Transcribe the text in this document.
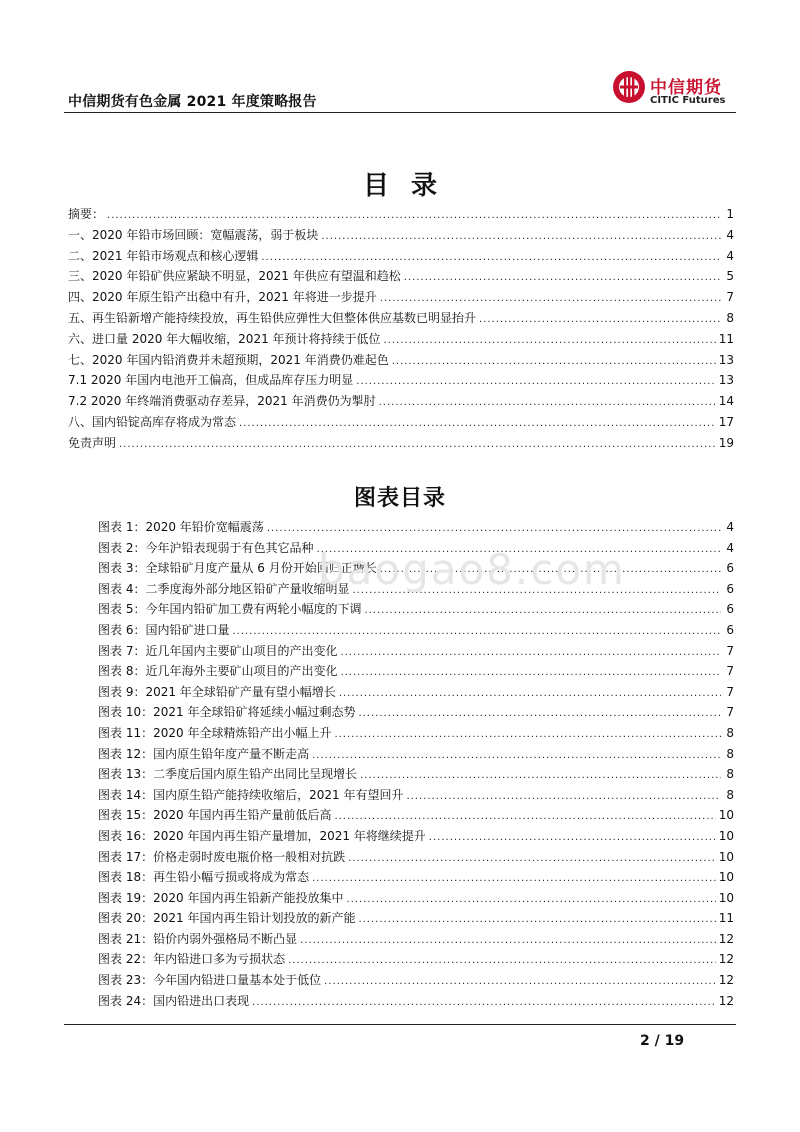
中信期货有色金属 2021 年度策略报告
中信期货
CITIC Futures
目录
摘要： .....	1
一、2020 年铅市场回顾：宽幅震荡，弱于板块 .....	4
二、2021 年铅市场观点和核心逻辑 .....	4
三、2020 年铅矿供应紧缺不明显，2021 年供应有望温和趋松 .....	5
四、2020 年原生铅产出稳中有升，2021 年将进一步提升 .....	7
五、再生铅新增产能持续投放，再生铅供应弹性大但整体供应基数已明显抬升 .....	8
六、进口量 2020 年大幅收缩，2021 年预计将持续于低位 .....	11
七、2020 年国内铅消费并未超预期，2021 年消费仍难起色 .....	13
7.1 2020 年国内电池开工偏高，但成品库存压力明显 .....	13
7.2 2020 年终端消费驱动存差异，2021 年消费仍为掣肘 .....	14
八、国内铅锭高库存将成为常态 .....	17
免责声明 .....	19
图表目录
图表 1：2020 年铅价宽幅震荡 .....	4
图表 2：今年沪铅表现弱于有色其它品种 .....	4
图表 3：全球铅矿月度产量从 6 月份开始回归正增长 .....	6
图表 4：二季度海外部分地区铅矿产量收缩明显 .....	6
图表 5：今年国内铅矿加工费有两轮小幅度的下调 .....	6
图表 6：国内铅矿进口量 .....	6
图表 7：近几年国内主要矿山项目的产出变化 .....	7
图表 8：近几年海外主要矿山项目的产出变化 .....	7
图表 9：2021 年全球铅矿产量有望小幅增长 .....	7
图表 10：2021 年全球铅矿将延续小幅过剩态势 .....	7
图表 11：2020 年全球精炼铅产出小幅上升 .....	8
图表 12：国内原生铅年度产量不断走高 .....	8
图表 13：二季度后国内原生铅产出同比呈现增长 .....	8
图表 14：国内原生铅产能持续收缩后，2021 年有望回升 .....	8
图表 15：2020 年国内再生铅产量前低后高 .....	10
图表 16：2020 年国内再生铅产量增加，2021 年将继续提升 .....	10
图表 17：价格走弱时废电瓶价格一般相对抗跌 .....	10
图表 18：再生铅小幅亏损或将成为常态 .....	10
图表 19：2020 年国内再生铅新产能投放集中 .....	10
图表 20：2021 年国内再生铅计划投放的新产能 .....	11
图表 21：铅价内弱外强格局不断凸显 .....	12
图表 22：年内铅进口多为亏损状态 .....	12
图表 23：今年国内铅进口量基本处于低位 .....	12
图表 24：国内铅进出口表现 .....	12
baogao8.com
2 / 19
